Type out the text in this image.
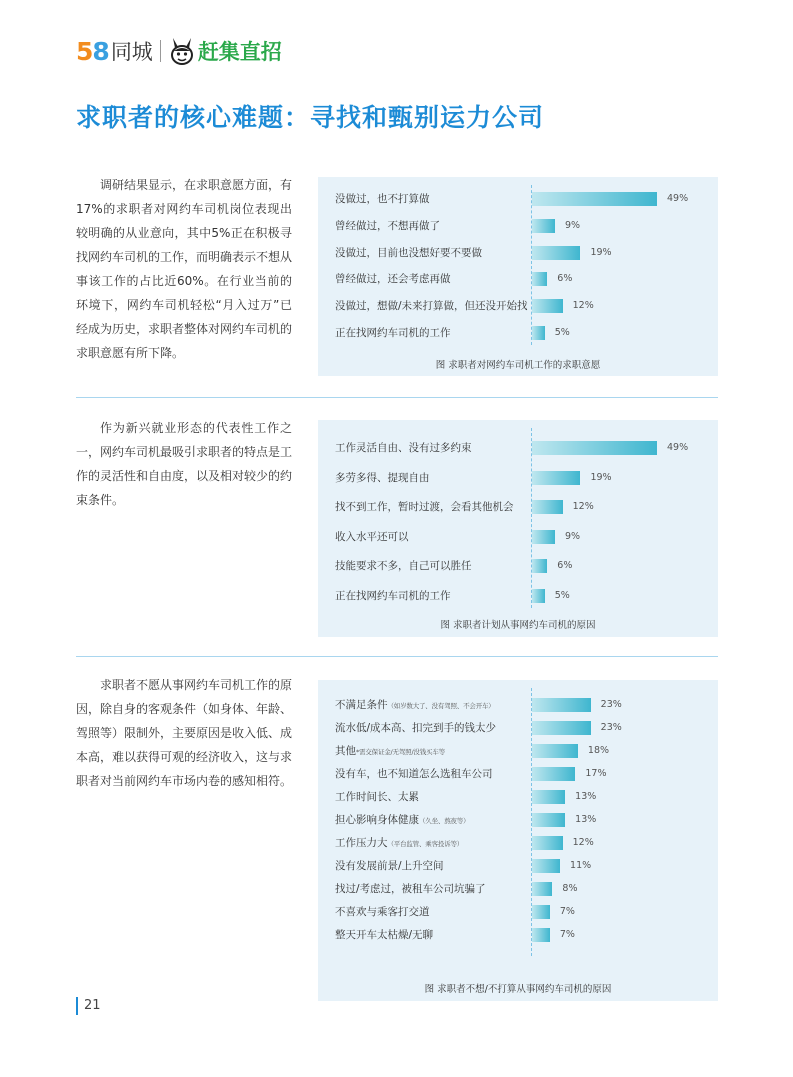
58 同城 赶集直招
求职者的核心难题：寻找和甄别运力公司

调研结果显示，在求职意愿方面，有17%的求职者对网约车司机岗位表现出较明确的从业意向，其中5%正在积极寻找网约车司机的工作，而明确表示不想从事该工作的占比近60%。在行业当前的环境下，网约车司机轻松“月入过万”已经成为历史，求职者整体对网约车司机的求职意愿有所下降。

图 求职者对网约车司机工作的求职意愿
没做过，也不打算做	49%
曾经做过，不想再做了	9%
没做过，目前也没想好要不要做	19%
曾经做过，还会考虑再做	6%
没做过，想做/未来打算做，但还没开始找	12%
正在找网约车司机的工作	5%

作为新兴就业形态的代表性工作之一，网约车司机最吸引求职者的特点是工作的灵活性和自由度，以及相对较少的约束条件。

图 求职者计划从事网约车司机的原因
工作灵活自由、没有过多约束	49%
多劳多得、提现自由	19%
找不到工作，暂时过渡，会看其他机会	12%
收入水平还可以	9%
技能要求不多，自己可以胜任	6%
正在找网约车司机的工作	5%

求职者不愿从事网约车司机工作的原因，除自身的客观条件（如身体、年龄、驾照等）限制外，主要原因是收入低、成本高，难以获得可观的经济收入，这与求职者对当前网约车市场内卷的感知相符。

图 求职者不想/不打算从事网约车司机的原因
不满足条件（如岁数大了、没有驾照、不会开车）	23%
流水低/成本高、扣完到手的钱太少	23%
其他*需交保证金/无驾照/没钱买车等	18%
没有车，也不知道怎么选租车公司	17%
工作时间长、太累	13%
担心影响身体健康（久坐、熬夜等）	13%
工作压力大（平台监管、乘客投诉等）	12%
没有发展前景/上升空间	11%
找过/考虑过，被租车公司坑骗了	8%
不喜欢与乘客打交道	7%
整天开车太枯燥/无聊	7%
21
